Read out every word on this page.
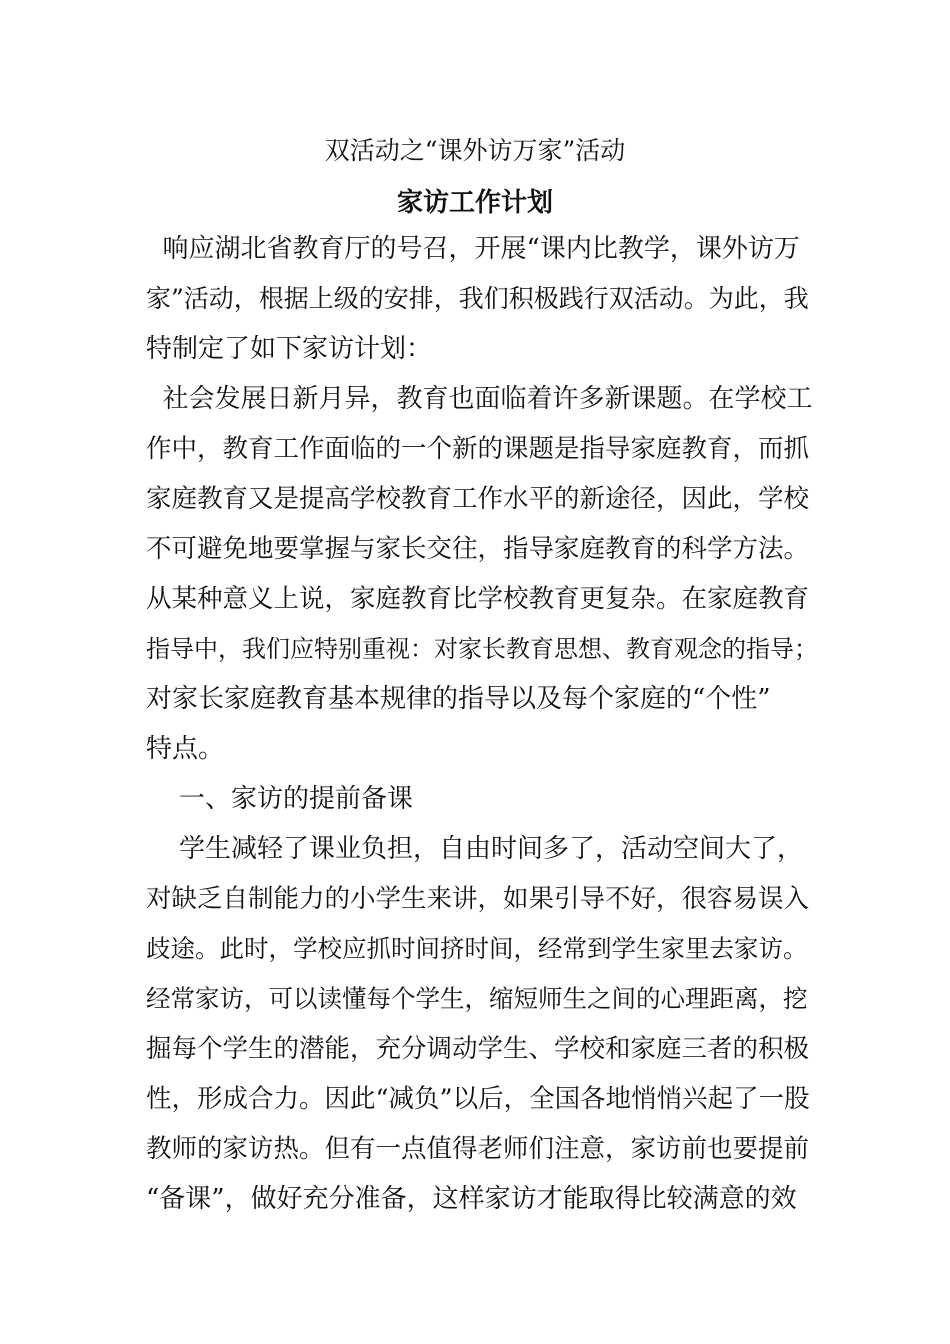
双活动之“课外访万家”活动
家访工作计划
响应湖北省教育厅的号召，开展“课内比教学，课外访万
家”活动，根据上级的安排，我们积极践行双活动。为此，我
特制定了如下家访计划：
社会发展日新月异，教育也面临着许多新课题。在学校工
作中，教育工作面临的一个新的课题是指导家庭教育，而抓
家庭教育又是提高学校教育工作水平的新途径，因此，学校
不可避免地要掌握与家长交往，指导家庭教育的科学方法。
从某种意义上说，家庭教育比学校教育更复杂。在家庭教育
指导中，我们应特别重视：对家长教育思想、教育观念的指导；
对家长家庭教育基本规律的指导以及每个家庭的“个性”
特点。
一、家访的提前备课
学生减轻了课业负担，自由时间多了，活动空间大了，
对缺乏自制能力的小学生来讲，如果引导不好，很容易误入
歧途。此时，学校应抓时间挤时间，经常到学生家里去家访。
经常家访，可以读懂每个学生，缩短师生之间的心理距离，挖
掘每个学生的潜能，充分调动学生、学校和家庭三者的积极
性，形成合力。因此“减负”以后，全国各地悄悄兴起了一股
教师的家访热。但有一点值得老师们注意，家访前也要提前
“备课”，做好充分准备，这样家访才能取得比较满意的效
